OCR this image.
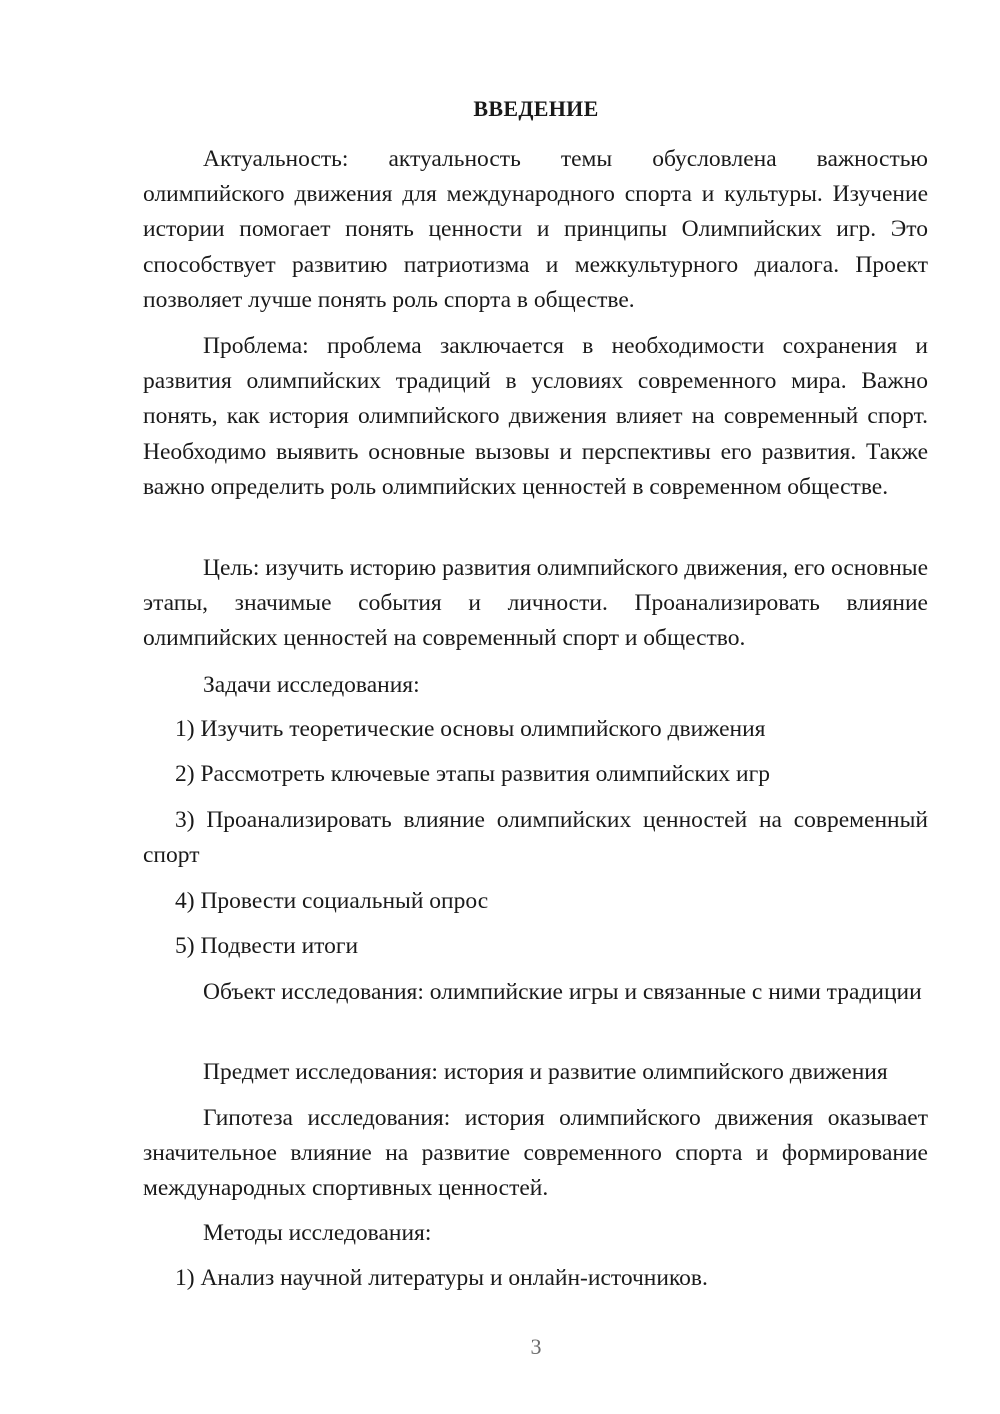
ВВЕДЕНИЕ

Актуальность: актуальность темы обусловлена важностью олимпийского движения для международного спорта и культуры. Изучение истории помогает понять ценности и принципы Олимпийских игр. Это способствует развитию патриотизма и межкультурного диалога. Проект позволяет лучше понять роль спорта в обществе.

Проблема: проблема заключается в необходимости сохранения и развития олимпийских традиций в условиях современного мира. Важно понять, как история олимпийского движения влияет на современный спорт. Необходимо выявить основные вызовы и перспективы его развития. Также важно определить роль олимпийских ценностей в современном обществе.

Цель: изучить историю развития олимпийского движения, его основные этапы, значимые события и личности. Проанализировать влияние олимпийских ценностей на современный спорт и общество.

Задачи исследования:

1) Изучить теоретические основы олимпийского движения

2) Рассмотреть ключевые этапы развития олимпийских игр

3) Проанализировать влияние олимпийских ценностей на современный спорт

4) Провести социальный опрос

5) Подвести итоги

Объект исследования: олимпийские игры и связанные с ними традиции

Предмет исследования: история и развитие олимпийского движения

Гипотеза исследования: история олимпийского движения оказывает значительное влияние на развитие современного спорта и формирование международных спортивных ценностей.

Методы исследования:

1) Анализ научной литературы и онлайн-источников.

3
